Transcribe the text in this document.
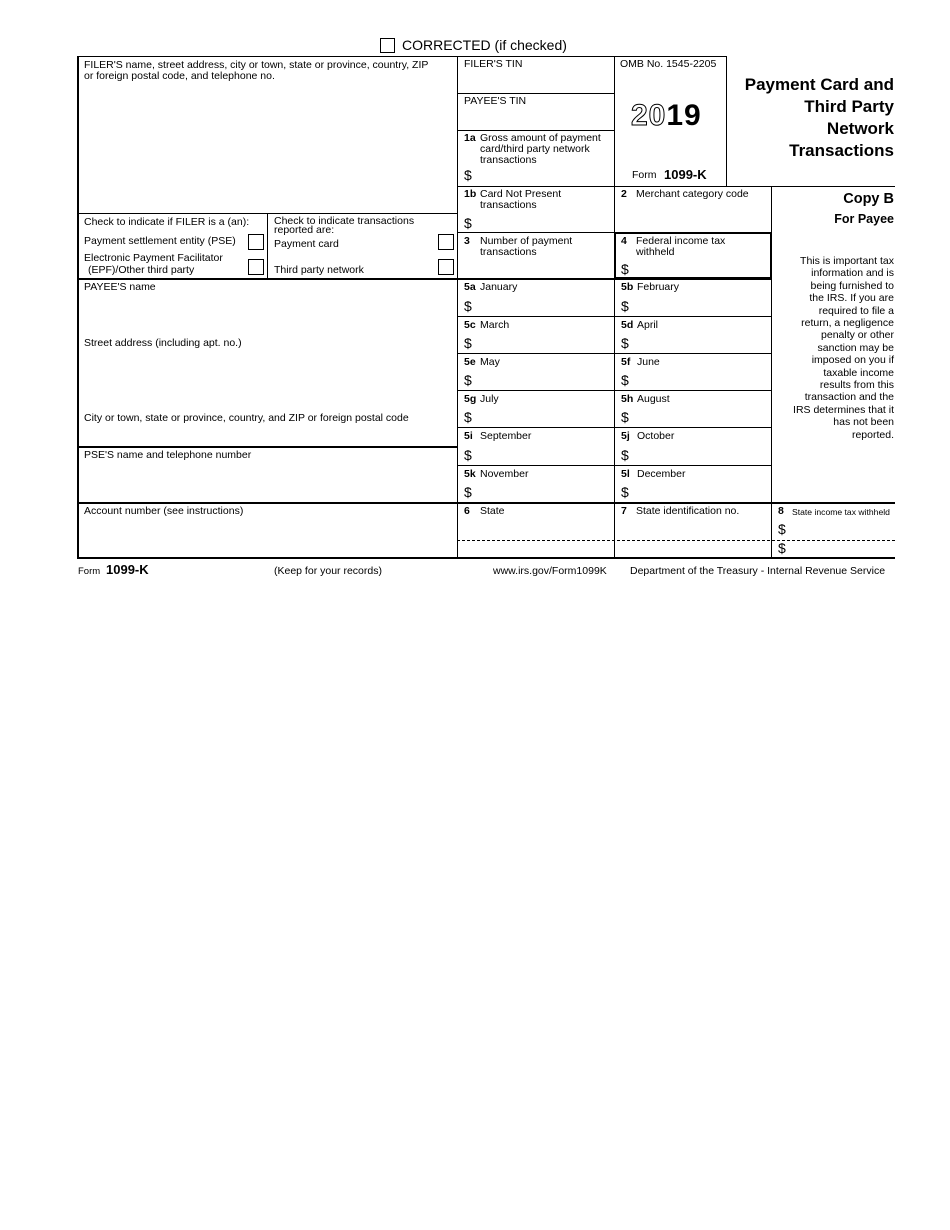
CORRECTED (if checked)
FILER'S name, street address, city or town, state or province, country, ZIP
or foreign postal code, and telephone no.
Check to indicate if FILER is a (an):
Payment settlement entity (PSE)
Electronic Payment Facilitator
(EPF)/Other third party
Check to indicate transactions
reported are:
Payment card
Third party network
PAYEE'S name
Street address (including apt. no.)
City or town, state or province, country, and ZIP or foreign postal code
PSE'S name and telephone number
Account number (see instructions)
FILER'S TIN
PAYEE'S TIN
1a Gross amount of payment
card/third party network
transactions
$
1b Card Not Present
transactions
$
3 Number of payment
transactions
OMB No. 1545-2205
2019
Form 1099-K
2 Merchant category code
4 Federal income tax
withheld
$
5a January
$
5b February
$
5c March
$
5d April
$
5e May
$
5f June
$
5g July
$
5h August
$
5i September
$
5j October
$
5k November
$
5l December
$
6 State	7 State identification no.	8 State income tax withheld
$
$
Payment Card and
Third Party
Network
Transactions
Copy B
For Payee
This is important tax
information and is
being furnished to
the IRS. If you are
required to file a
return, a negligence
penalty or other
sanction may be
imposed on you if
taxable income
results from this
transaction and the
IRS determines that it
has not been
reported.
Form 1099-K	(Keep for your records)	www.irs.gov/Form1099K Department of the Treasury - Internal Revenue Service
